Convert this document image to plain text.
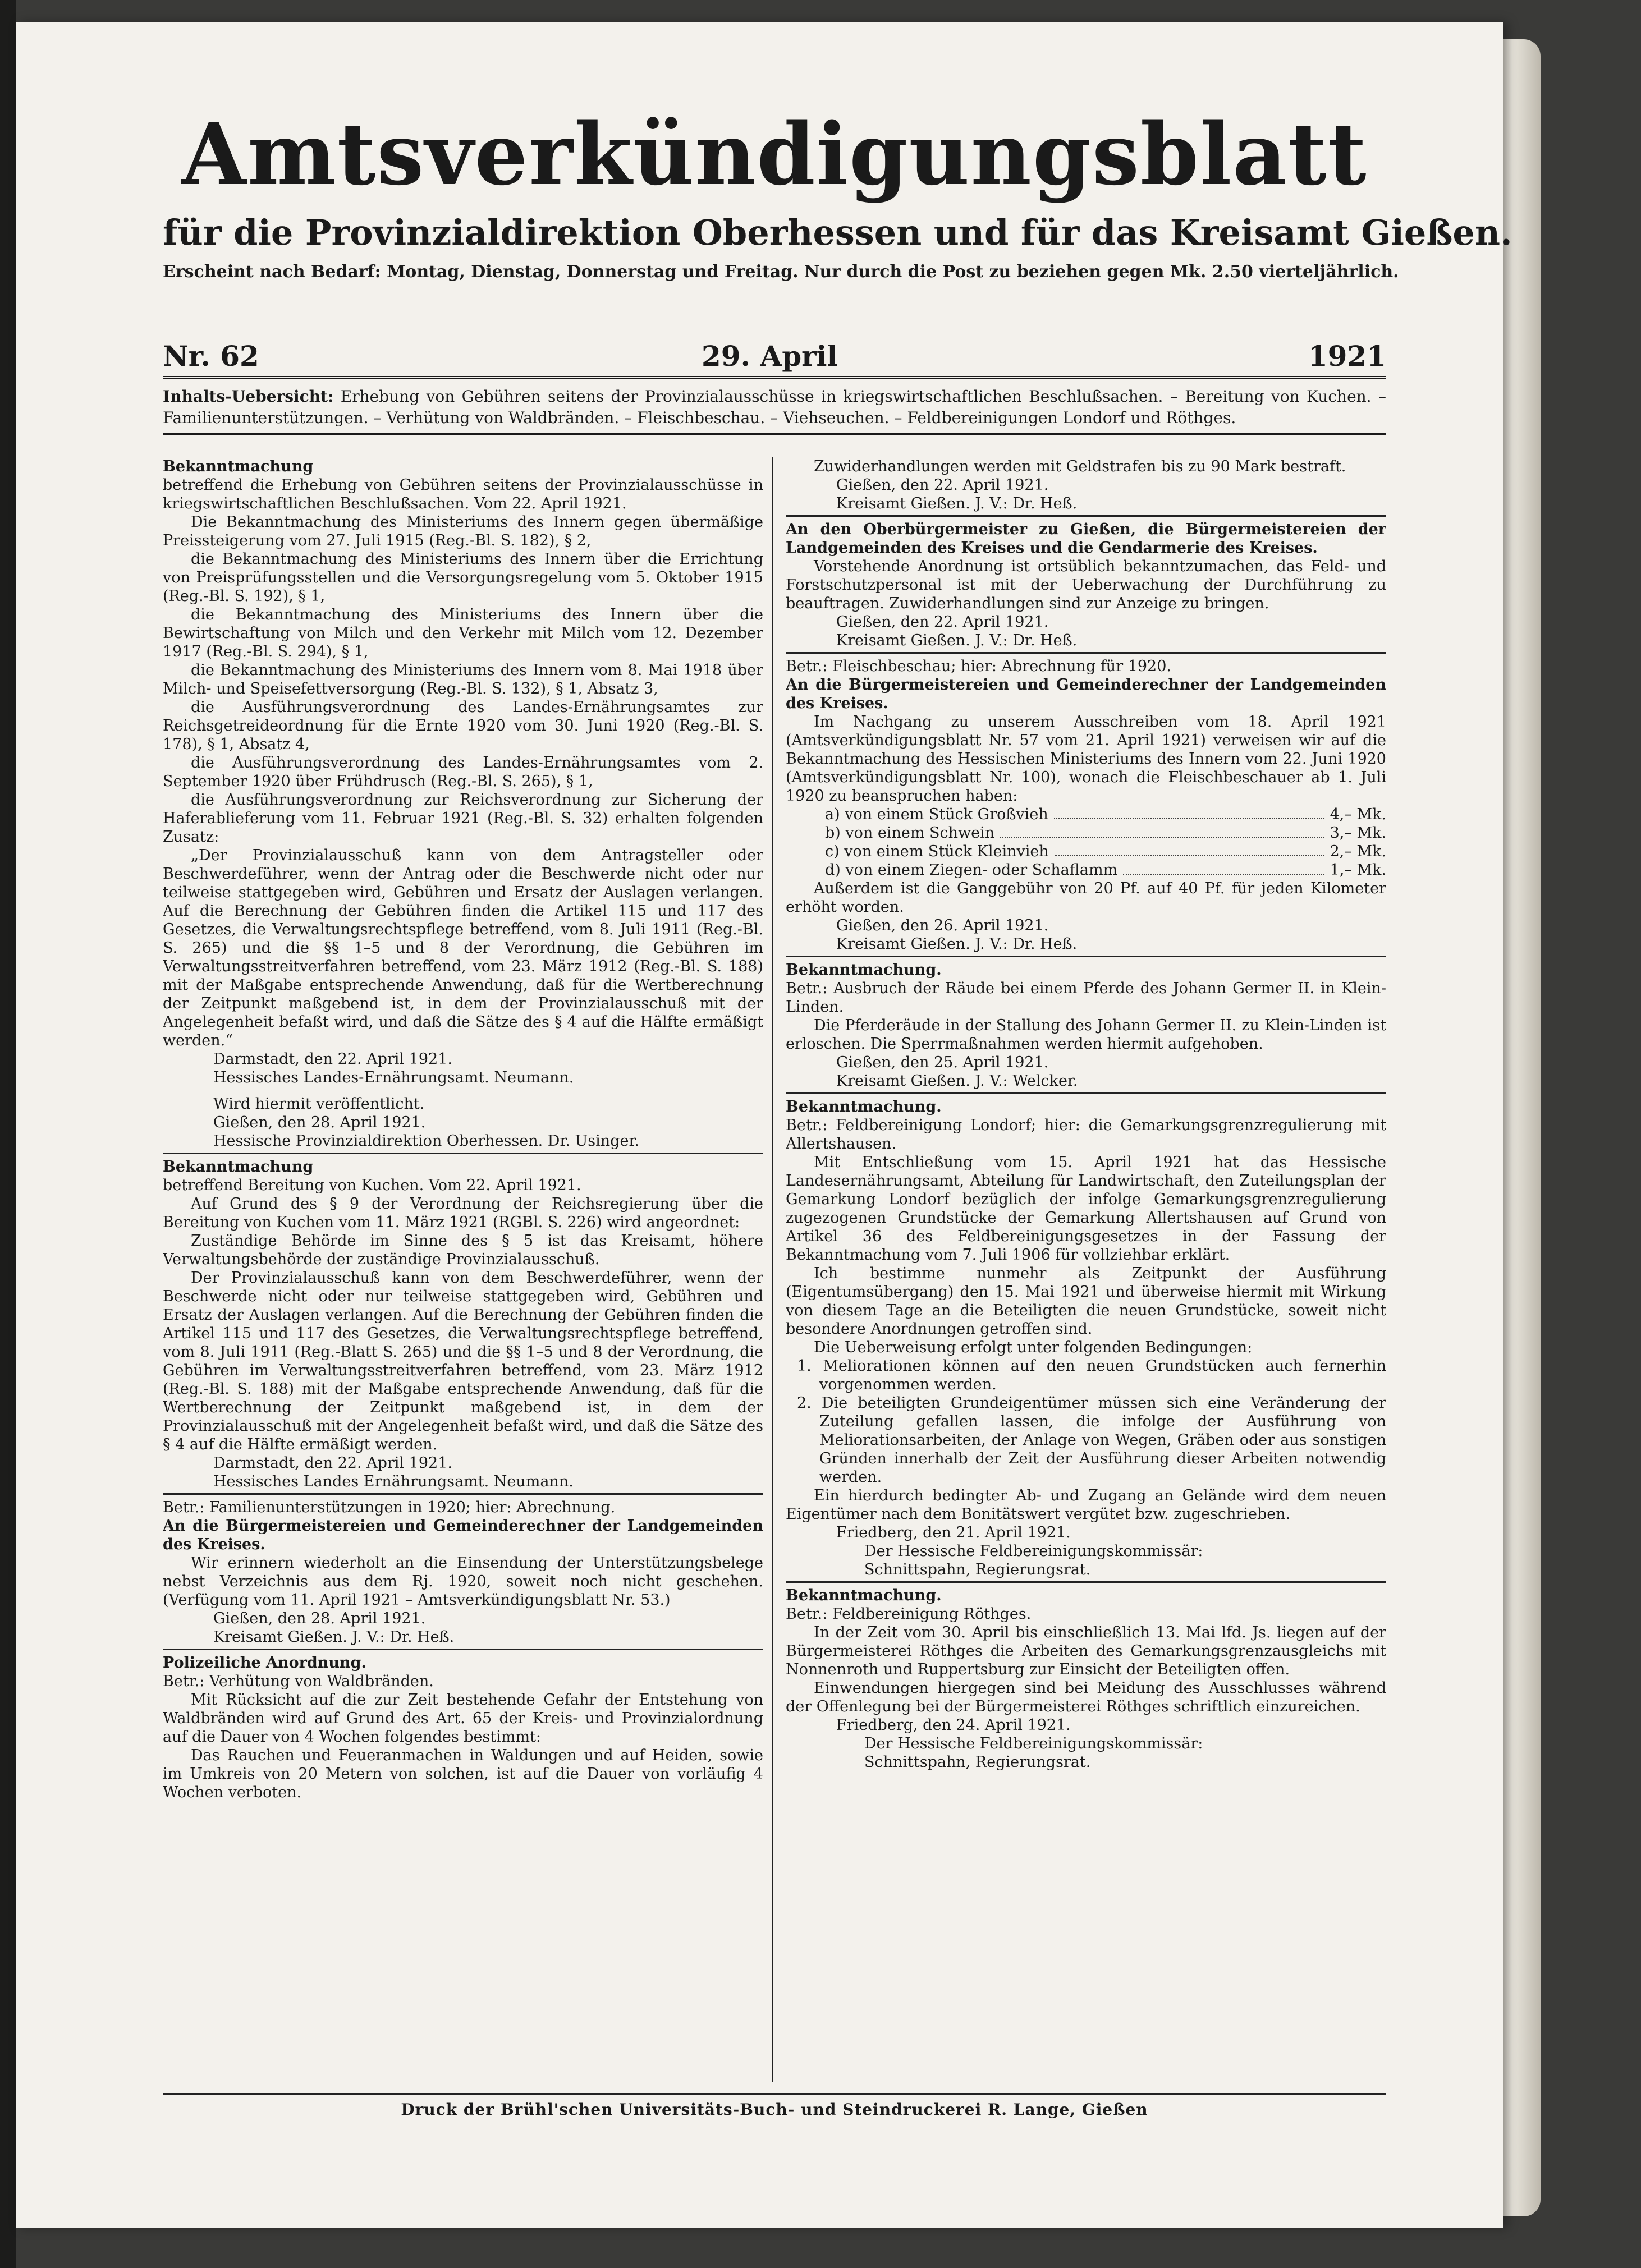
Amtsverkündigungsblatt
für die Provinzialdirektion Oberhessen und für das Kreisamt Gießen.
Erscheint nach Bedarf: Montag, Dienstag, Donnerstag und Freitag. Nur durch die Post zu beziehen gegen Mk. 2.50 vierteljährlich.
Nr. 62	29. April	1921
Inhalts-Uebersicht: Erhebung von Gebühren seitens der Provinzialausschüsse in kriegswirtschaftlichen Beschlußsachen. – Bereitung von Kuchen. – Familienunterstützungen. – Verhütung von Waldbränden. – Fleischbeschau. – Viehseuchen. – Feldbereinigungen Londorf und Röthges.

Bekanntmachung

betreffend die Erhebung von Gebühren seitens der Provinzialausschüsse in kriegswirtschaftlichen Beschlußsachen. Vom 22. April 1921.

Die Bekanntmachung des Ministeriums des Innern gegen übermäßige Preissteigerung vom 27. Juli 1915 (Reg.-Bl. S. 182), § 2,

die Bekanntmachung des Ministeriums des Innern über die Errichtung von Preisprüfungsstellen und die Versorgungsregelung vom 5. Oktober 1915 (Reg.-Bl. S. 192), § 1,

die Bekanntmachung des Ministeriums des Innern über die Bewirtschaftung von Milch und den Verkehr mit Milch vom 12. Dezember 1917 (Reg.-Bl. S. 294), § 1,

die Bekanntmachung des Ministeriums des Innern vom 8. Mai 1918 über Milch- und Speisefettversorgung (Reg.-Bl. S. 132), § 1, Absatz 3,

die Ausführungsverordnung des Landes-Ernährungsamtes zur Reichsgetreideordnung für die Ernte 1920 vom 30. Juni 1920 (Reg.-Bl. S. 178), § 1, Absatz 4,

die Ausführungsverordnung des Landes-Ernährungsamtes vom 2. September 1920 über Frühdrusch (Reg.-Bl. S. 265), § 1,

die Ausführungsverordnung zur Reichsverordnung zur Sicherung der Haferablieferung vom 11. Februar 1921 (Reg.-Bl. S. 32) erhalten folgenden Zusatz:

„Der Provinzialausschuß kann von dem Antragsteller oder Beschwerdeführer, wenn der Antrag oder die Beschwerde nicht oder nur teilweise stattgegeben wird, Gebühren und Ersatz der Auslagen verlangen. Auf die Berechnung der Gebühren finden die Artikel 115 und 117 des Gesetzes, die Verwaltungsrechtspflege betreffend, vom 8. Juli 1911 (Reg.-Bl. S. 265) und die §§ 1–5 und 8 der Verordnung, die Gebühren im Verwaltungsstreitverfahren betreffend, vom 23. März 1912 (Reg.-Bl. S. 188) mit der Maßgabe entsprechende Anwendung, daß für die Wertberechnung der Zeitpunkt maßgebend ist, in dem der Provinzialausschuß mit der Angelegenheit befaßt wird, und daß die Sätze des § 4 auf die Hälfte ermäßigt werden.“

Darmstadt, den 22. April 1921.

Hessisches Landes-Ernährungsamt. Neumann.

Wird hiermit veröffentlicht.

Gießen, den 28. April 1921.

Hessische Provinzialdirektion Oberhessen. Dr. Usinger.

Bekanntmachung

betreffend Bereitung von Kuchen. Vom 22. April 1921.

Auf Grund des § 9 der Verordnung der Reichsregierung über die Bereitung von Kuchen vom 11. März 1921 (RGBl. S. 226) wird angeordnet:

Zuständige Behörde im Sinne des § 5 ist das Kreisamt, höhere Verwaltungsbehörde der zuständige Provinzialausschuß.

Der Provinzialausschuß kann von dem Beschwerdeführer, wenn der Beschwerde nicht oder nur teilweise stattgegeben wird, Gebühren und Ersatz der Auslagen verlangen. Auf die Berechnung der Gebühren finden die Artikel 115 und 117 des Gesetzes, die Verwaltungsrechtspflege betreffend, vom 8. Juli 1911 (Reg.-Blatt S. 265) und die §§ 1–5 und 8 der Verordnung, die Gebühren im Verwaltungsstreitverfahren betreffend, vom 23. März 1912 (Reg.-Bl. S. 188) mit der Maßgabe entsprechende Anwendung, daß für die Wertberechnung der Zeitpunkt maßgebend ist, in dem der Provinzialausschuß mit der Angelegenheit befaßt wird, und daß die Sätze des § 4 auf die Hälfte ermäßigt werden.

Darmstadt, den 22. April 1921.

Hessisches Landes Ernährungsamt. Neumann.

Betr.: Familienunterstützungen in 1920; hier: Abrechnung.

An die Bürgermeistereien und Gemeinderechner der Landgemeinden des Kreises.

Wir erinnern wiederholt an die Einsendung der Unterstützungsbelege nebst Verzeichnis aus dem Rj. 1920, soweit noch nicht geschehen. (Verfügung vom 11. April 1921 – Amtsverkündigungsblatt Nr. 53.)

Gießen, den 28. April 1921.

Kreisamt Gießen. J. V.: Dr. Heß.

Polizeiliche Anordnung.

Betr.: Verhütung von Waldbränden.

Mit Rücksicht auf die zur Zeit bestehende Gefahr der Entstehung von Waldbränden wird auf Grund des Art. 65 der Kreis- und Provinzialordnung auf die Dauer von 4 Wochen folgendes bestimmt:

Das Rauchen und Feueranmachen in Waldungen und auf Heiden, sowie im Umkreis von 20 Metern von solchen, ist auf die Dauer von vorläufig 4 Wochen verboten.

Zuwiderhandlungen werden mit Geldstrafen bis zu 90 Mark bestraft.

Gießen, den 22. April 1921.

Kreisamt Gießen. J. V.: Dr. Heß.

An den Oberbürgermeister zu Gießen, die Bürgermeistereien der Landgemeinden des Kreises und die Gendarmerie des Kreises.

Vorstehende Anordnung ist ortsüblich bekanntzumachen, das Feld- und Forstschutzpersonal ist mit der Ueberwachung der Durchführung zu beauftragen. Zuwiderhandlungen sind zur Anzeige zu bringen.

Gießen, den 22. April 1921.

Kreisamt Gießen. J. V.: Dr. Heß.

Betr.: Fleischbeschau; hier: Abrechnung für 1920.

An die Bürgermeistereien und Gemeinderechner der Landgemeinden des Kreises.

Im Nachgang zu unserem Ausschreiben vom 18. April 1921 (Amtsverkündigungsblatt Nr. 57 vom 21. April 1921) verweisen wir auf die Bekanntmachung des Hessischen Ministeriums des Innern vom 22. Juni 1920 (Amtsverkündigungsblatt Nr. 100), wonach die Fleischbeschauer ab 1. Juli 1920 zu beanspruchen haben:

a) von einem Stück Großvieh	4,– Mk.
b) von einem Schwein	3,– Mk.
c) von einem Stück Kleinvieh	2,– Mk.
d) von einem Ziegen- oder Schaflamm	1,– Mk.

Außerdem ist die Ganggebühr von 20 Pf. auf 40 Pf. für jeden Kilometer erhöht worden.

Gießen, den 26. April 1921.

Kreisamt Gießen. J. V.: Dr. Heß.

Bekanntmachung.

Betr.: Ausbruch der Räude bei einem Pferde des Johann Germer II. in Klein-Linden.

Die Pferderäude in der Stallung des Johann Germer II. zu Klein-Linden ist erloschen. Die Sperrmaßnahmen werden hiermit aufgehoben.

Gießen, den 25. April 1921.

Kreisamt Gießen. J. V.: Welcker.

Bekanntmachung.

Betr.: Feldbereinigung Londorf; hier: die Gemarkungsgrenzregulierung mit Allertshausen.

Mit Entschließung vom 15. April 1921 hat das Hessische Landesernährungsamt, Abteilung für Landwirtschaft, den Zuteilungsplan der Gemarkung Londorf bezüglich der infolge Gemarkungsgrenzregulierung zugezogenen Grundstücke der Gemarkung Allertshausen auf Grund von Artikel 36 des Feldbereinigungsgesetzes in der Fassung der Bekanntmachung vom 7. Juli 1906 für vollziehbar erklärt.

Ich bestimme nunmehr als Zeitpunkt der Ausführung (Eigentumsübergang) den 15. Mai 1921 und überweise hiermit mit Wirkung von diesem Tage an die Beteiligten die neuen Grundstücke, soweit nicht besondere Anordnungen getroffen sind.

Die Ueberweisung erfolgt unter folgenden Bedingungen:

1. Meliorationen können auf den neuen Grundstücken auch fernerhin vorgenommen werden.

2. Die beteiligten Grundeigentümer müssen sich eine Veränderung der Zuteilung gefallen lassen, die infolge der Ausführung von Meliorationsarbeiten, der Anlage von Wegen, Gräben oder aus sonstigen Gründen innerhalb der Zeit der Ausführung dieser Arbeiten notwendig werden.

Ein hierdurch bedingter Ab- und Zugang an Gelände wird dem neuen Eigentümer nach dem Bonitätswert vergütet bzw. zugeschrieben.

Friedberg, den 21. April 1921.

Der Hessische Feldbereinigungskommissär:

Schnittspahn, Regierungsrat.

Bekanntmachung.

Betr.: Feldbereinigung Röthges.

In der Zeit vom 30. April bis einschließlich 13. Mai lfd. Js. liegen auf der Bürgermeisterei Röthges die Arbeiten des Gemarkungsgrenzausgleichs mit Nonnenroth und Ruppertsburg zur Einsicht der Beteiligten offen.

Einwendungen hiergegen sind bei Meidung des Ausschlusses während der Offenlegung bei der Bürgermeisterei Röthges schriftlich einzureichen.

Friedberg, den 24. April 1921.

Der Hessische Feldbereinigungskommissär:

Schnittspahn, Regierungsrat.

Druck der Brühl'schen Universitäts-Buch- und Steindruckerei R. Lange, Gießen
